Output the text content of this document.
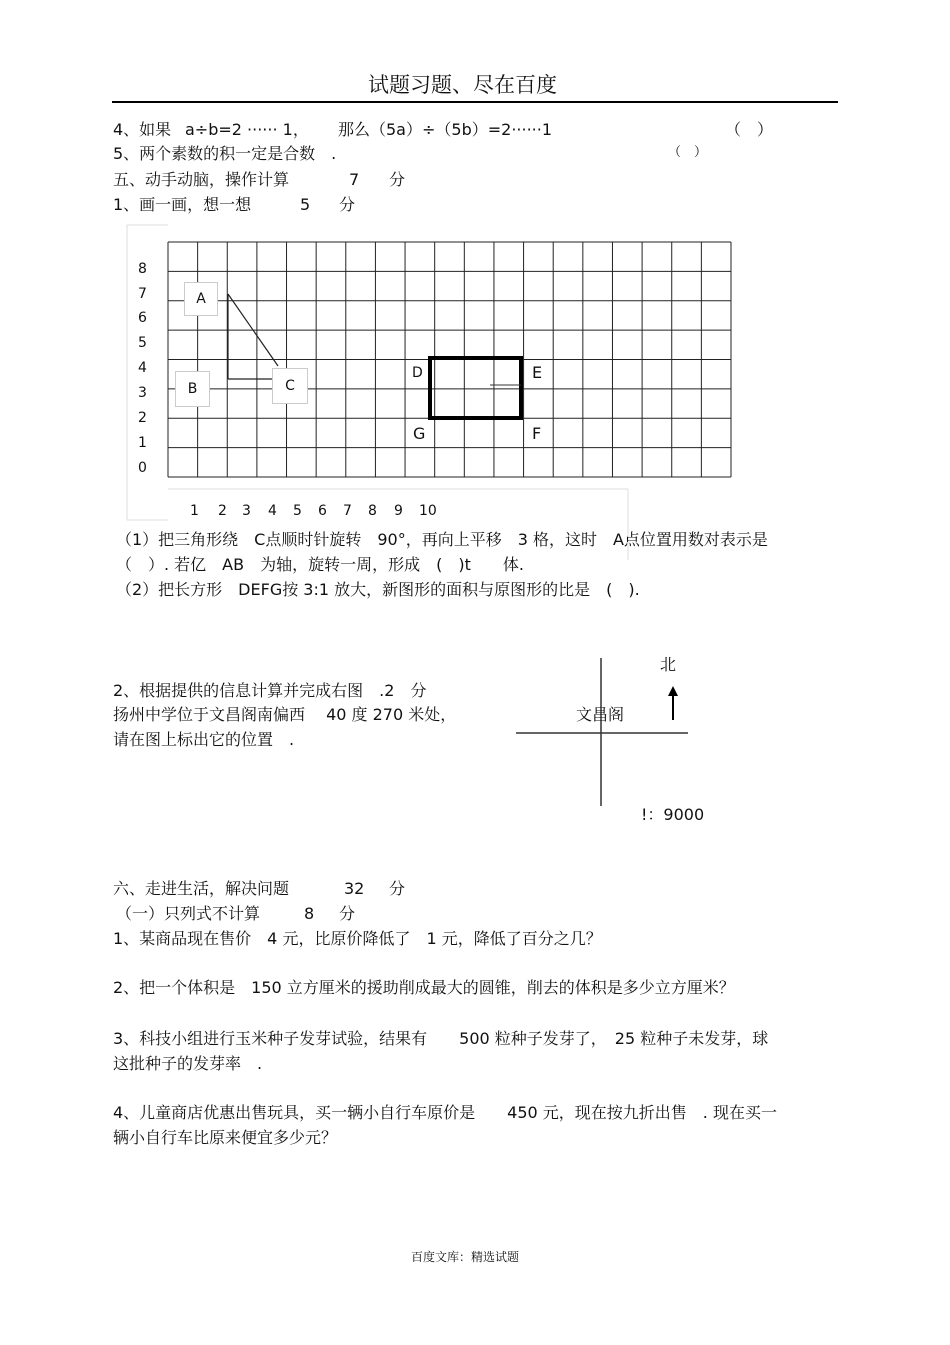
试题习题、尽在百度
4、如果 a÷b=2 ······ 1， 那么（5a）÷（5b）=2······1	（　）
5、两个素数的积一定是合数　.	（　）
五、动手动脑，操作计算	7 分
1、画一画，想一想	5 分
8
7
6
5
4
3
2
1
0
1 2 3 4 5 6 7 8 9 10
A
B	C
D	E
G	F
（1）把三角形绕　C点顺时针旋转　90°，再向上平移　3 格，这时　A点位置用数对表示是
（　）. 若亿　AB　为轴，旋转一周，形成　(　)t　　体.
（2）把长方形　DEFG按 3:1 放大，新图形的面积与原图形的比是　(　).
2、根据提供的信息计算并完成右图　.2　分
扬州中学位于文昌阁南偏西　 40 度 270 米处，
请在图上标出它的位置　.
北
文昌阁
!：9000
六、走进生活，解决问题	32 分
（一）只列式不计算	8 分
1、某商品现在售价　4 元，比原价降低了　1 元，降低了百分之几？
2、把一个体积是　150 立方厘米的援助削成最大的圆锥，削去的体积是多少立方厘米？
3、科技小组进行玉米种子发芽试验，结果有　　500 粒种子发芽了，　25 粒种子未发芽，球
这批种子的发芽率　.
4、儿童商店优惠出售玩具，买一辆小自行车原价是　　450 元，现在按九折出售　. 现在买一
辆小自行车比原来便宜多少元？
百度文库：精选试题
